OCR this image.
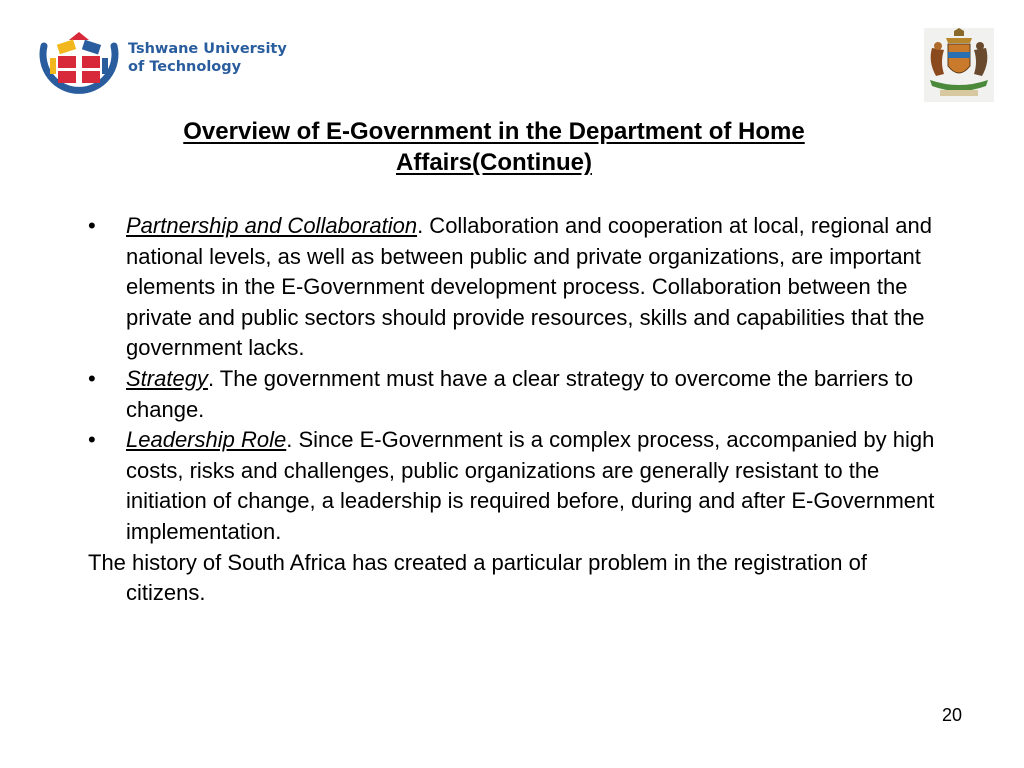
Tshwane University
of Technology
Overview of E-Government in the Department of Home
Affairs(Continue)
• Partnership and Collaboration. Collaboration and cooperation at local, regional and national levels, as well as between public and private organizations, are important elements in the E-Government development process. Collaboration between the private and public sectors should provide resources, skills and capabilities that the government lacks.
• Strategy. The government must have a clear strategy to overcome the barriers to change.
• Leadership Role. Since E-Government is a complex process, accompanied by high costs, risks and challenges, public organizations are generally resistant to the initiation of change, a leadership is required before, during and after E-Government implementation.
The history of South Africa has created a particular problem in the registration of citizens.
20
